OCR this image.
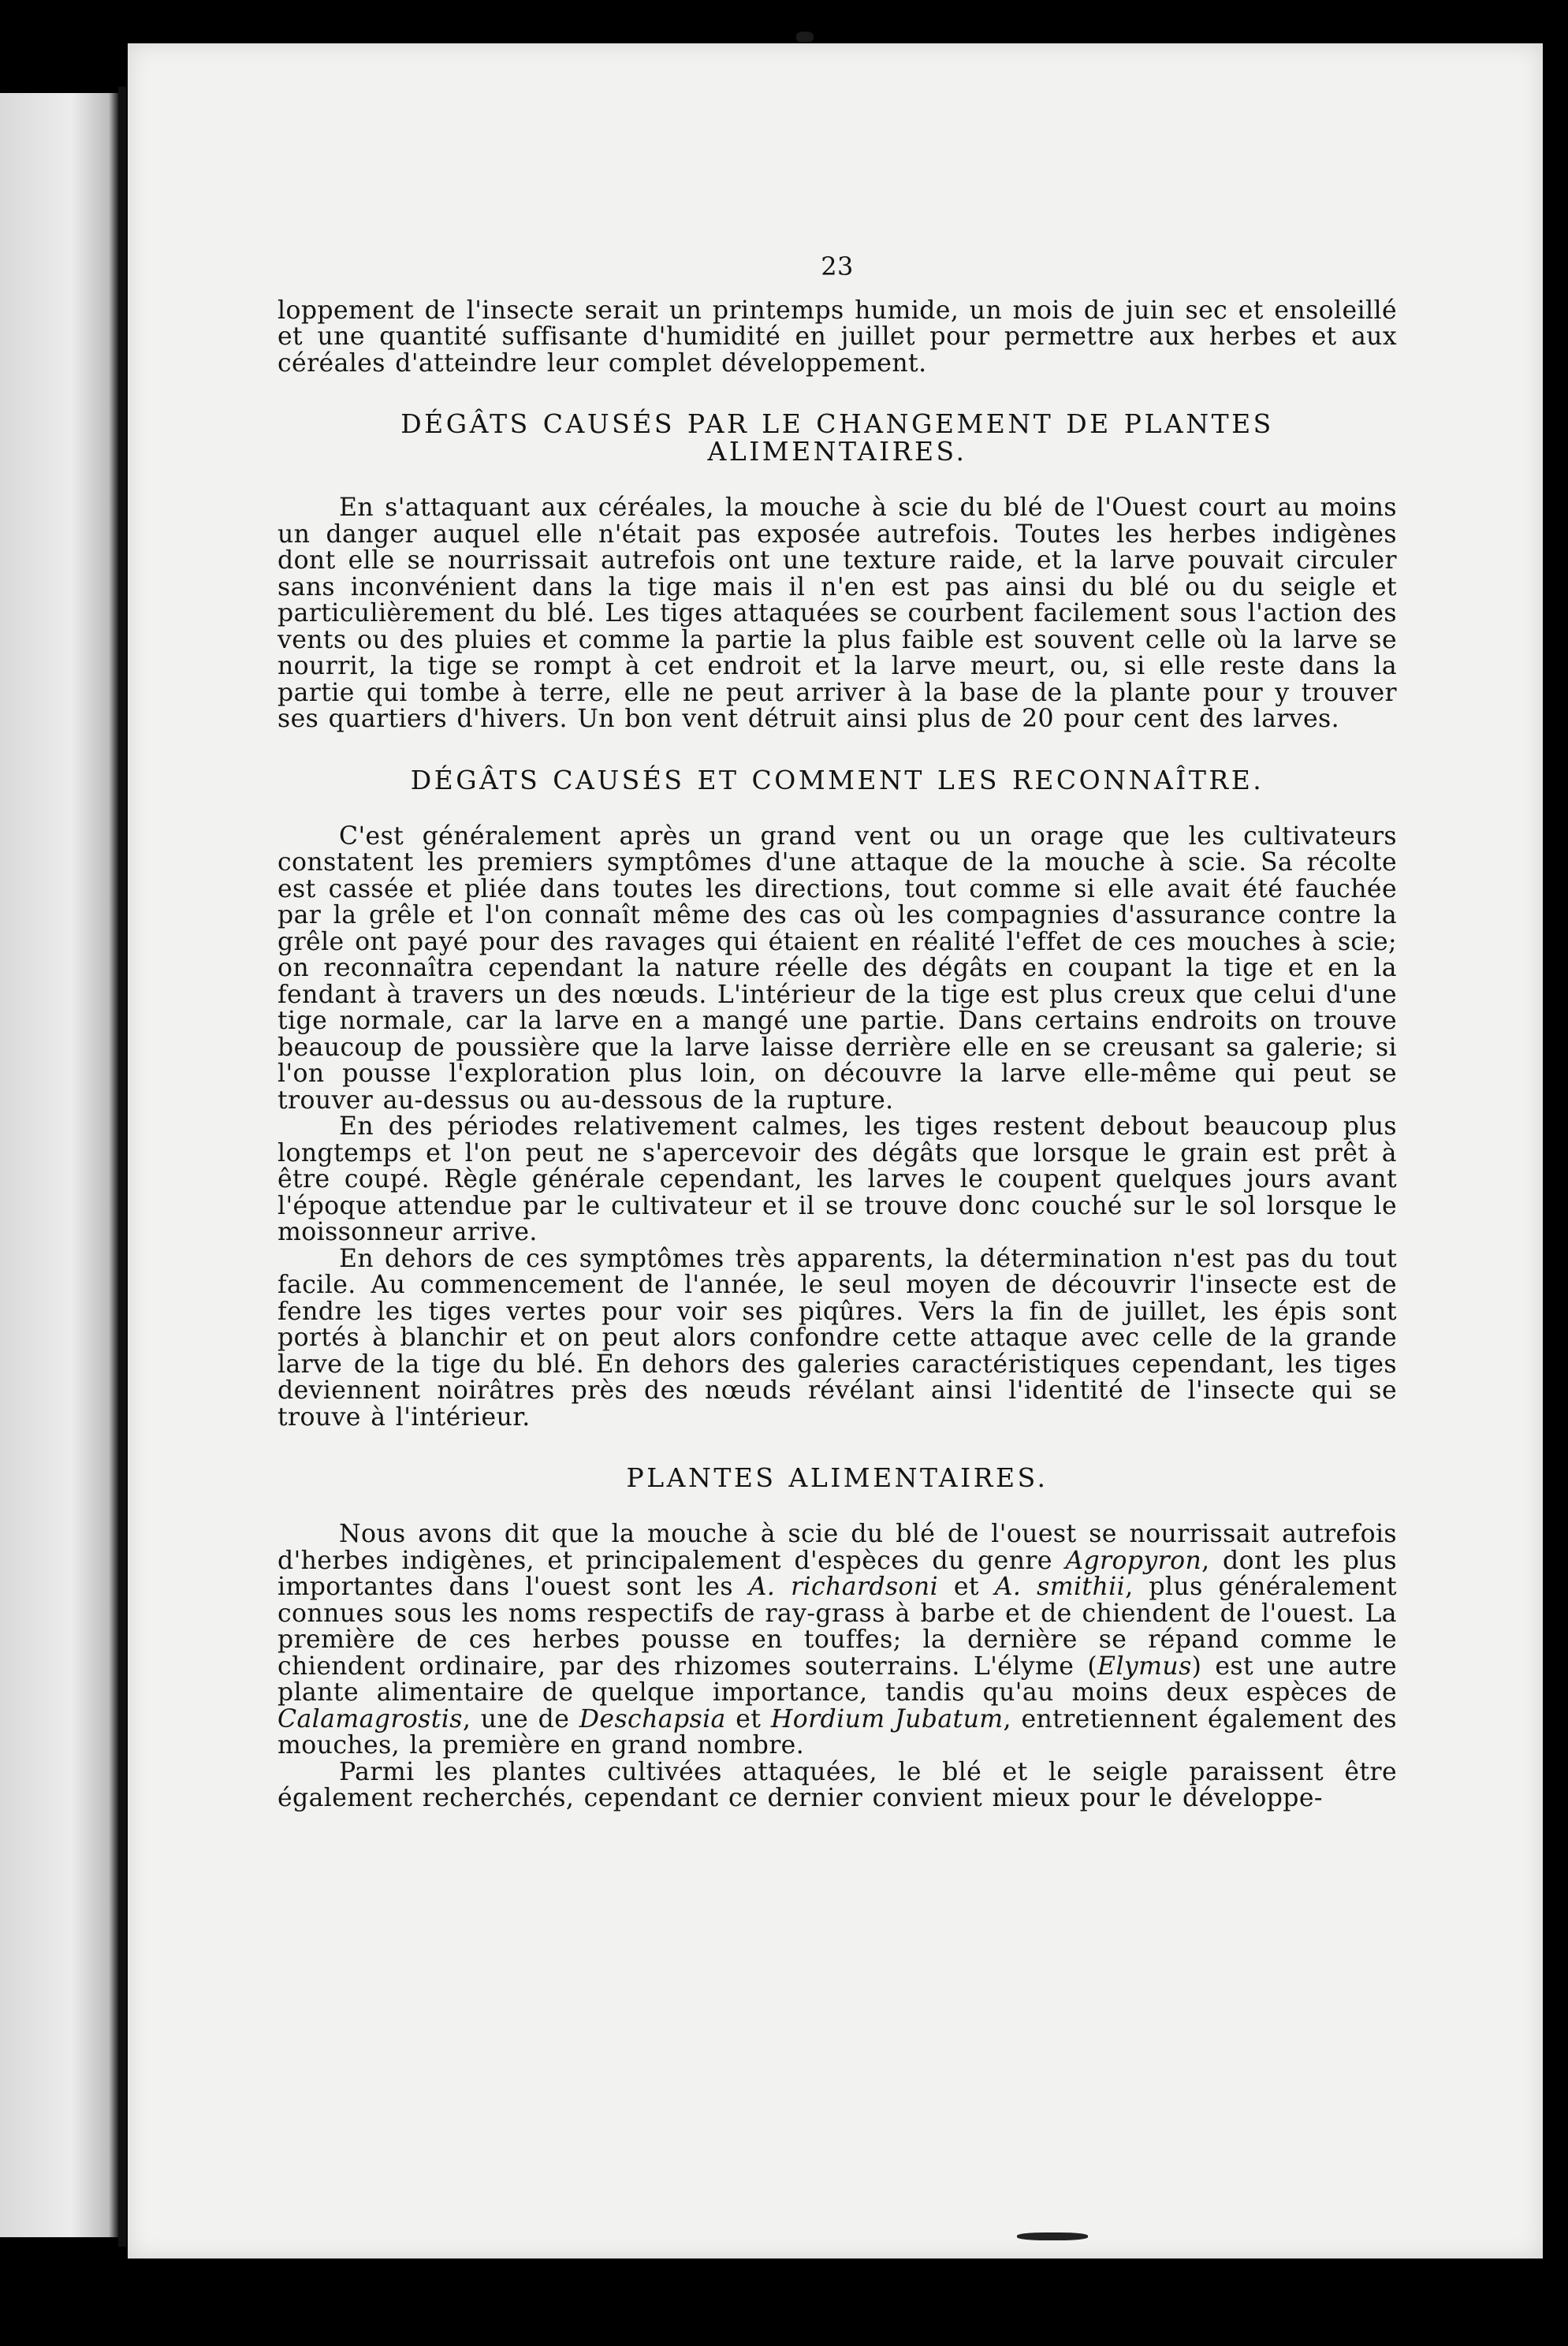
23

loppement de l'insecte serait un printemps humide, un mois de juin sec et ensoleillé et une quantité suffisante d'humidité en juillet pour permettre aux herbes et aux céréales d'atteindre leur complet développement.

DÉGÂTS CAUSÉS PAR LE CHANGEMENT DE PLANTES ALIMENTAIRES.

En s'attaquant aux céréales, la mouche à scie du blé de l'Ouest court au moins un danger auquel elle n'était pas exposée autrefois. Toutes les herbes indigènes dont elle se nourrissait autrefois ont une texture raide, et la larve pouvait circuler sans inconvénient dans la tige mais il n'en est pas ainsi du blé ou du seigle et particulièrement du blé. Les tiges attaquées se courbent facilement sous l'action des vents ou des pluies et comme la partie la plus faible est souvent celle où la larve se nourrit, la tige se rompt à cet endroit et la larve meurt, ou, si elle reste dans la partie qui tombe à terre, elle ne peut arriver à la base de la plante pour y trouver ses quartiers d'hivers. Un bon vent détruit ainsi plus de 20 pour cent des larves.

DÉGÂTS CAUSÉS ET COMMENT LES RECONNAÎTRE.

C'est généralement après un grand vent ou un orage que les cultivateurs constatent les premiers symptômes d'une attaque de la mouche à scie. Sa récolte est cassée et pliée dans toutes les directions, tout comme si elle avait été fauchée par la grêle et l'on connaît même des cas où les compagnies d'assurance contre la grêle ont payé pour des ravages qui étaient en réalité l'effet de ces mouches à scie; on reconnaîtra cependant la nature réelle des dégâts en coupant la tige et en la fendant à travers un des nœuds. L'intérieur de la tige est plus creux que celui d'une tige normale, car la larve en a mangé une partie. Dans certains endroits on trouve beaucoup de poussière que la larve laisse derrière elle en se creusant sa galerie; si l'on pousse l'exploration plus loin, on découvre la larve elle-même qui peut se trouver au-dessus ou au-dessous de la rupture.

En des périodes relativement calmes, les tiges restent debout beaucoup plus longtemps et l'on peut ne s'apercevoir des dégâts que lorsque le grain est prêt à être coupé. Règle générale cependant, les larves le coupent quelques jours avant l'époque attendue par le cultivateur et il se trouve donc couché sur le sol lorsque le moissonneur arrive.

En dehors de ces symptômes très apparents, la détermination n'est pas du tout facile. Au commencement de l'année, le seul moyen de découvrir l'insecte est de fendre les tiges vertes pour voir ses piqûres. Vers la fin de juillet, les épis sont portés à blanchir et on peut alors confondre cette attaque avec celle de la grande larve de la tige du blé. En dehors des galeries caractéristiques cependant, les tiges deviennent noirâtres près des nœuds révélant ainsi l'identité de l'insecte qui se trouve à l'intérieur.

PLANTES ALIMENTAIRES.

Nous avons dit que la mouche à scie du blé de l'ouest se nourrissait autrefois d'herbes indigènes, et principalement d'espèces du genre Agropyron, dont les plus importantes dans l'ouest sont les A. richardsoni et A. smithii, plus généralement connues sous les noms respectifs de ray-grass à barbe et de chiendent de l'ouest. La première de ces herbes pousse en touffes; la dernière se répand comme le chiendent ordinaire, par des rhizomes souterrains. L'élyme (Elymus) est une autre plante alimentaire de quelque importance, tandis qu'au moins deux espèces de Calamagrostis, une de Deschapsia et Hordium Jubatum, entretiennent également des mouches, la première en grand nombre.

Parmi les plantes cultivées attaquées, le blé et le seigle paraissent être également recherchés, cependant ce dernier convient mieux pour le développe-
